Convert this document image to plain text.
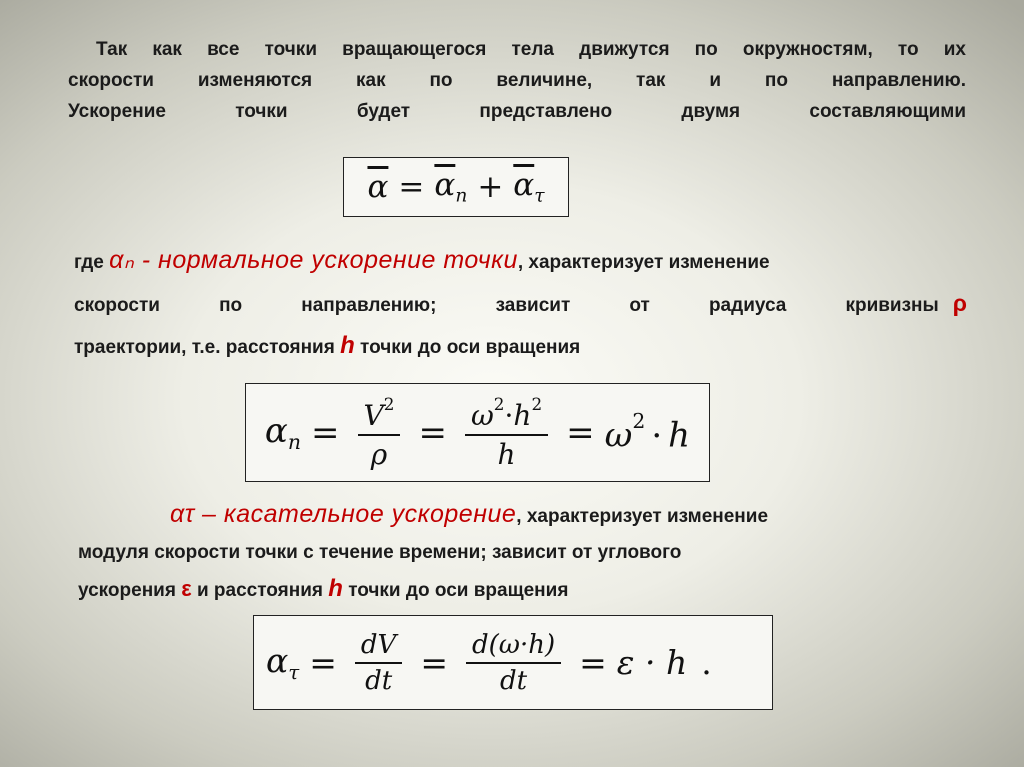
Так как все точки вращающегося тела движутся по окружностям, то их
скорости изменяются как по величине, так и по направлению.
Ускорение точки будет представлено двумя составляющими
$\overline{\alpha} = \overline{\alpha}_n + \overline{\alpha}_\tau$
где αₙ - нормальное ускорение точки, характеризует изменение
скорости по направлению; зависит от радиуса кривизны ρ
траектории, т.е. расстояния h точки до оси вращения
$\alpha_n = \frac{V^2}{\rho} = \frac{\omega^2\cdot h^2}{h} = \omega^2 \cdot h$
ατ – касательное ускорение, характеризует изменение
модуля скорости точки с течение времени; зависит от углового
ускорения ε и расстояния h точки до оси вращения
$\alpha_\tau = \frac{dV}{dt} = \frac{d(\omega\cdot h)}{dt} = \varepsilon \cdot h$ .
